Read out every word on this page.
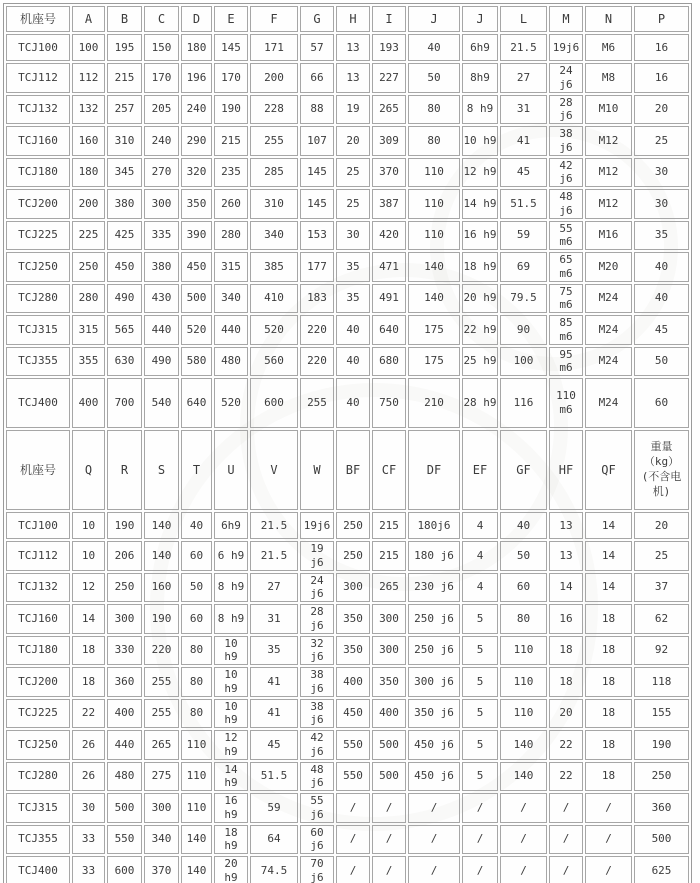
机座号	A	B	C	D	E	F	G	H	I	J	J	L	M	N	P
TCJ100	100	195	150	180	145	171	57	13	193	40	6h9	21.5	19j6	M6	16
TCJ112	112	215	170	196	170	200	66	13	227	50	8h9	27	24 j6	M8	16
TCJ132	132	257	205	240	190	228	88	19	265	80	8 h9	31	28 j6	M10	20
TCJ160	160	310	240	290	215	255	107	20	309	80	10 h9	41	38 j6	M12	25
TCJ180	180	345	270	320	235	285	145	25	370	110	12 h9	45	42 j6	M12	30
TCJ200	200	380	300	350	260	310	145	25	387	110	14 h9	51.5	48 j6	M12	30
TCJ225	225	425	335	390	280	340	153	30	420	110	16 h9	59	55 m6	M16	35
TCJ250	250	450	380	450	315	385	177	35	471	140	18 h9	69	65 m6	M20	40
TCJ280	280	490	430	500	340	410	183	35	491	140	20 h9	79.5	75 m6	M24	40
TCJ315	315	565	440	520	440	520	220	40	640	175	22 h9	90	85 m6	M24	45
TCJ355	355	630	490	580	480	560	220	40	680	175	25 h9	100	95 m6	M24	50
TCJ400	400	700	540	640	520	600	255	40	750	210	28 h9	116	110 m6	M24	60
机座号	Q	R	S	T	U	V	W	BF	CF	DF	EF	GF	HF	QF	重量（kg）(不含电机)
TCJ100	10	190	140	40	6h9	21.5	19j6	250	215	180j6	4	40	13	14	20
TCJ112	10	206	140	60	6 h9	21.5	19 j6	250	215	180 j6	4	50	13	14	25
TCJ132	12	250	160	50	8 h9	27	24 j6	300	265	230 j6	4	60	14	14	37
TCJ160	14	300	190	60	8 h9	31	28 j6	350	300	250 j6	5	80	16	18	62
TCJ180	18	330	220	80	10 h9	35	32 j6	350	300	250 j6	5	110	18	18	92
TCJ200	18	360	255	80	10 h9	41	38 j6	400	350	300 j6	5	110	18	18	118
TCJ225	22	400	255	80	10 h9	41	38 j6	450	400	350 j6	5	110	20	18	155
TCJ250	26	440	265	110	12 h9	45	42 j6	550	500	450 j6	5	140	22	18	190
TCJ280	26	480	275	110	14 h9	51.5	48 j6	550	500	450 j6	5	140	22	18	250
TCJ315	30	500	300	110	16 h9	59	55 j6	/	/	/	/	/	/	/	360
TCJ355	33	550	340	140	18 h9	64	60 j6	/	/	/	/	/	/	/	500
TCJ400	33	600	370	140	20 h9	74.5	70 j6	/	/	/	/	/	/	/	625
